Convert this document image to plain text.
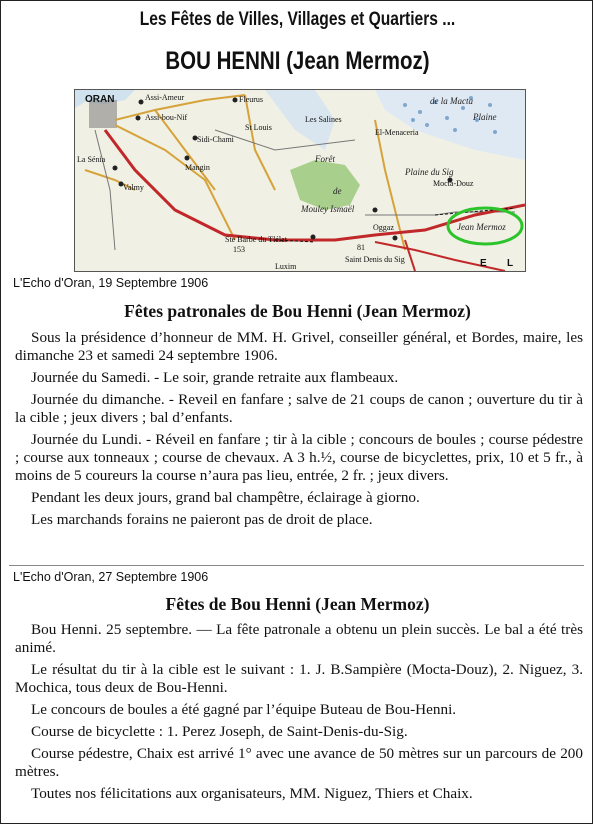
Les Fêtes de Villes, Villages et Quartiers ...
BOU HENNI (Jean Mermoz)
ORAN	Assi-Ameur
Assi-bou-Nif
Fleurus
St Louis
La Sénia
Sidi-Chami
Mangin
Valmy
Les Salines
El-Menaceria
de la Macta
Plaine
Forêt
de
Mouley Ismaël
Oggaz
Plaine du Sig
Mocta-Douz
Ste Barbe du Tlélat
153
Saint Denis du Sig
81
Jean Mermoz
Luxim	E L
L'Echo d'Oran, 19 Septembre 1906
Fêtes patronales de Bou Henni (Jean Mermoz)

Sous la présidence d’honneur de MM. H. Grivel, conseiller général, et Bordes, maire, les dimanche 23 et samedi 24 septembre 1906.

Journée du Samedi. - Le soir, grande retraite aux flambeaux.

Journée du dimanche. - Reveil en fanfare ; salve de 21 coups de canon ; ouverture du tir à la cible ; jeux divers ; bal d’enfants.

Journée du Lundi. - Réveil en fanfare ; tir à la cible ; concours de boules ; course pédestre ; course aux tonneaux ; course de chevaux. A 3 h.½, course de bicyclettes, prix, 10 et 5 fr., à moins de 5 coureurs la course n’aura pas lieu, entrée, 2 fr. ; jeux divers.

Pendant les deux jours, grand bal champêtre, éclairage à giorno.

Les marchands forains ne paieront pas de droit de place.

L'Echo d'Oran, 27 Septembre 1906
Fêtes de Bou Henni (Jean Mermoz)

Bou Henni. 25 septembre. — La fête patronale a obtenu un plein succès. Le bal a été très animé.

Le résultat du tir à la cible est le suivant : 1. J. B.Sampière (Mocta-Douz), 2. Niguez, 3. Mochica, tous deux de Bou-Henni.

Le concours de boules a été gagné par l’équipe Buteau de Bou-Henni.

Course de bicyclette : 1. Perez Joseph, de Saint-Denis-du-Sig.

Course pédestre, Chaix est arrivé 1° avec une avance de 50 mètres sur un parcours de 200 mètres.

Toutes nos félicitations aux organisateurs, MM. Niguez, Thiers et Chaix.
